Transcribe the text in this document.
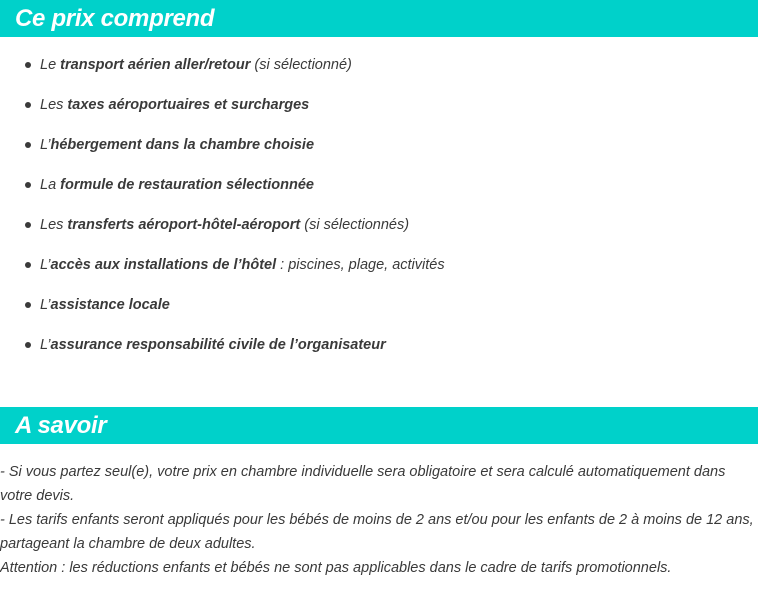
Ce prix comprend
Le transport aérien aller/retour (si sélectionné)
Les taxes aéroportuaires et surcharges
L’hébergement dans la chambre choisie
La formule de restauration sélectionnée
Les transferts aéroport-hôtel-aéroport (si sélectionnés)
L’accès aux installations de l’hôtel : piscines, plage, activités
L’assistance locale
L’assurance responsabilité civile de l’organisateur
A savoir

- Si vous partez seul(e), votre prix en chambre individuelle sera obligatoire et sera calculé automatiquement dans votre devis.

- Les tarifs enfants seront appliqués pour les bébés de moins de 2 ans et/ou pour les enfants de 2 à moins de 12 ans, partageant la chambre de deux adultes.

Attention : les réductions enfants et bébés ne sont pas applicables dans le cadre de tarifs promotionnels.
